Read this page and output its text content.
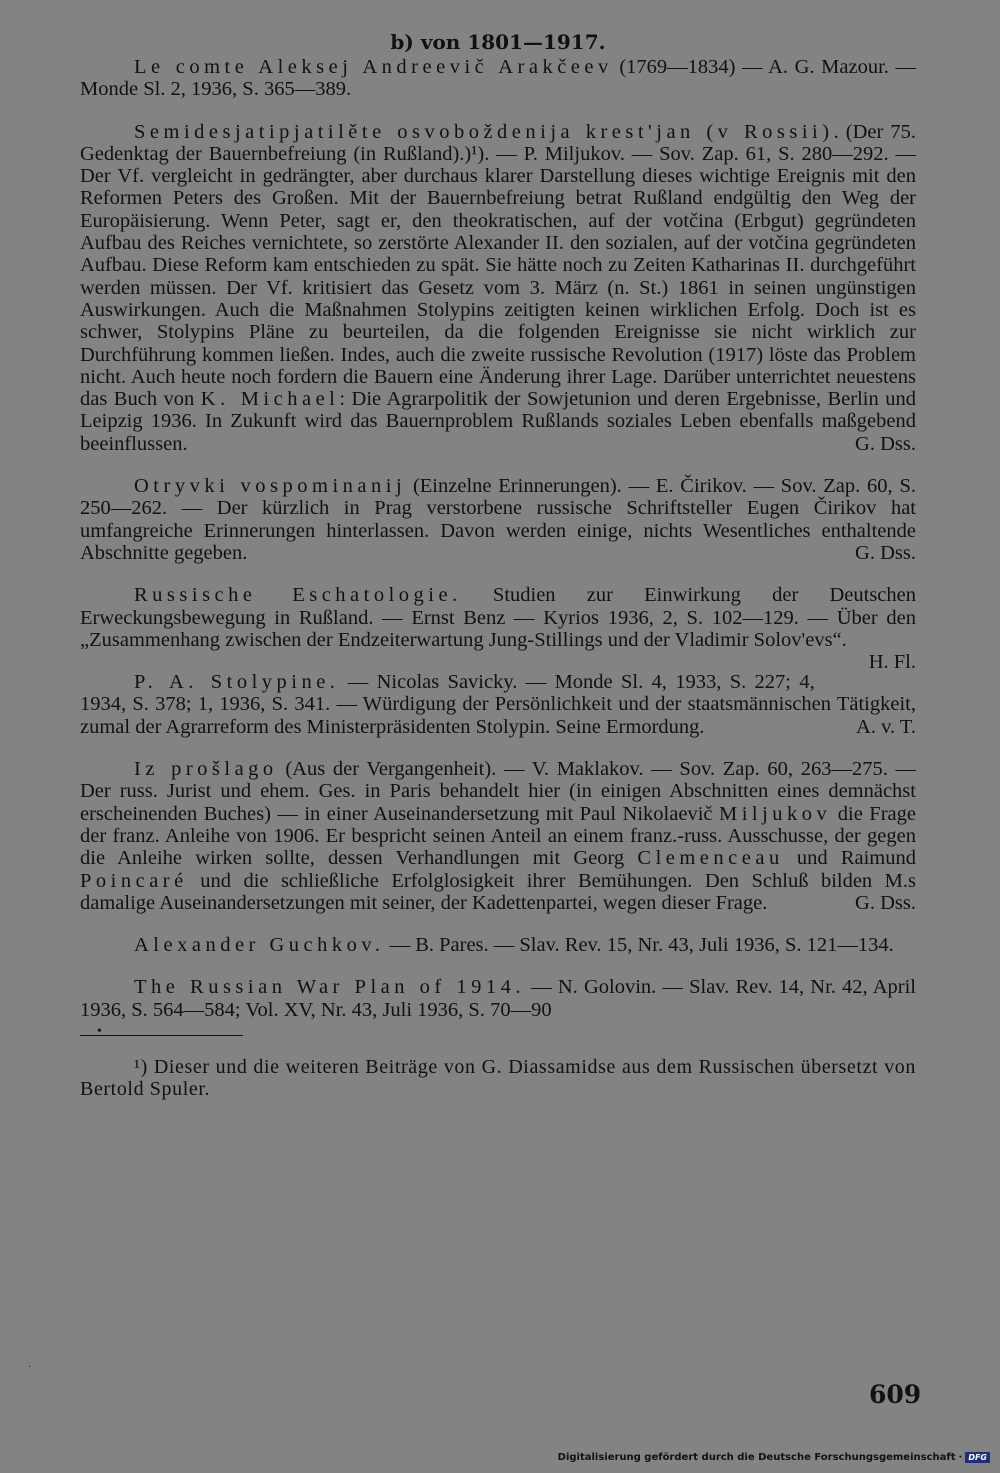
b) von 1801—1917.

Le comte Aleksej Andreevič Arakčeev (1769—1834) — A. G. Mazour. — Monde Sl. 2, 1936, S. 365—389.

Semidesjatipjatilěte osvoboždenija krest'jan (v Rossii). (Der 75. Gedenktag der Bauernbefreiung (in Rußland).)¹). — P. Miljukov. — Sov. Zap. 61, S. 280—292. — Der Vf. vergleicht in gedrängter, aber durchaus klarer Darstellung dieses wichtige Ereignis mit den Reformen Peters des Großen. Mit der Bauernbefreiung betrat Rußland endgültig den Weg der Europäisierung. Wenn Peter, sagt er, den theokratischen, auf der votčina (Erbgut) gegründeten Aufbau des Reiches vernichtete, so zerstörte Alexander II. den sozialen, auf der votčina gegründeten Aufbau. Diese Reform kam entschieden zu spät. Sie hätte noch zu Zeiten Katharinas II. durchgeführt werden müssen. Der Vf. kritisiert das Gesetz vom 3. März (n. St.) 1861 in seinen ungünstigen Auswirkungen. Auch die Maßnahmen Stolypins zeitigten keinen wirklichen Erfolg. Doch ist es schwer, Stolypins Pläne zu beurteilen, da die folgenden Ereignisse sie nicht wirklich zur Durchführung kommen ließen. Indes, auch die zweite russische Revolution (1917) löste das Problem nicht. Auch heute noch fordern die Bauern eine Änderung ihrer Lage. Darüber unterrichtet neuestens das Buch von K. Michael: Die Agrarpolitik der Sowjetunion und deren Ergebnisse, Berlin und Leipzig 1936. In Zukunft wird das Bauernproblem Rußlands soziales Leben ebenfalls maßgebend beeinflussen.	G. Dss.

Otryvki vospominanij (Einzelne Erinnerungen). — E. Čirikov. — Sov. Zap. 60, S. 250—262. — Der kürzlich in Prag verstorbene russische Schriftsteller Eugen Čirikov hat umfangreiche Erinnerungen hinterlassen. Davon werden einige, nichts Wesentliches enthaltende Abschnitte gegeben.	G. Dss.

Russische Eschatologie. Studien zur Einwirkung der Deutschen Erweckungsbewegung in Rußland. — Ernst Benz — Kyrios 1936, 2, S. 102—129. — Über den „Zusammenhang zwischen der Endzeiterwartung Jung-Stillings und der Vladimir Solov'evs“.
H. Fl.

P. A. Stolypine. — Nicolas Savicky. — Monde Sl. 4, 1933, S. 227; 4, 1934, S. 378; 1, 1936, S. 341. — Würdigung der Persönlichkeit und der staatsmännischen Tätigkeit, zumal der Agrarreform des Ministerpräsidenten Stolypin. Seine Ermordung.	A. v. T.

Iz prošlago (Aus der Vergangenheit). — V. Maklakov. — Sov. Zap. 60, 263—275. — Der russ. Jurist und ehem. Ges. in Paris behandelt hier (in einigen Abschnitten eines demnächst erscheinenden Buches) — in einer Auseinandersetzung mit Paul Nikolaevič Miljukov die Frage der franz. Anleihe von 1906. Er bespricht seinen Anteil an einem franz.-russ. Ausschusse, der gegen die Anleihe wirken sollte, dessen Verhandlungen mit Georg Clemenceau und Raimund Poincaré und die schließliche Erfolglosigkeit ihrer Bemühungen. Den Schluß bilden M.s damalige Auseinandersetzungen mit seiner, der Kadettenpartei, wegen dieser Frage.	G. Dss.

Alexander Guchkov. — B. Pares. — Slav. Rev. 15, Nr. 43, Juli 1936, S. 121—134.

The Russian War Plan of 1914. — N. Golovin. — Slav. Rev. 14, Nr. 42, April 1936, S. 564—584; Vol. XV, Nr. 43, Juli 1936, S. 70—90

•

¹) Dieser und die weiteren Beiträge von G. Diassamidse aus dem Russischen übersetzt von Bertold Spuler.

·
609
Digitalisierung gefördert durch die Deutsche Forschungsgemeinschaft · DFG
